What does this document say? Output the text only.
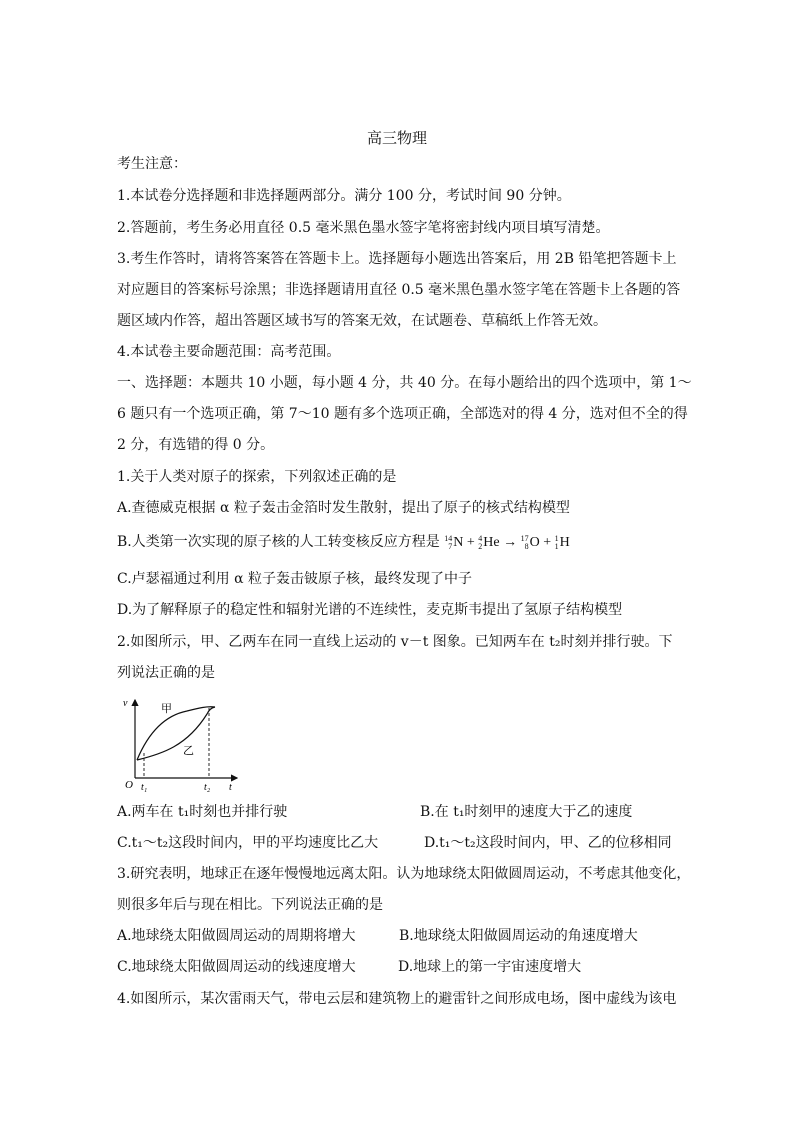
高三物理
考生注意：
1.本试卷分选择题和非选择题两部分。满分 100 分，考试时间 90 分钟。
2.答题前，考生务必用直径 0.5 毫米黑色墨水签字笔将密封线内项目填写清楚。
3.考生作答时，请将答案答在答题卡上。选择题每小题选出答案后，用 2B 铅笔把答题卡上
对应题目的答案标号涂黑；非选择题请用直径 0.5 毫米黑色墨水签字笔在答题卡上各题的答
题区域内作答，超出答题区域书写的答案无效，在试题卷、草稿纸上作答无效。
4.本试卷主要命题范围：高考范围。
一、选择题：本题共 10 小题，每小题 4 分，共 40 分。在每小题给出的四个选项中，第 1～
6 题只有一个选项正确，第 7～10 题有多个选项正确，全部选对的得 4 分，选对但不全的得
2 分，有选错的得 0 分。
1.关于人类对原子的探索，下列叙述正确的是
A.查德威克根据 α 粒子轰击金箔时发生散射，提出了原子的核式结构模型
B.人类第一次实现的原子核的人工转变核反应方程是 14
7 N + 4
2 He → 17
8 O + 1
1 H
C.卢瑟福通过利用 α 粒子轰击铍原子核，最终发现了中子
D.为了解释原子的稳定性和辐射光谱的不连续性，麦克斯韦提出了氢原子结构模型
2.如图所示，甲、乙两车在同一直线上运动的 v－t 图象。已知两车在 t₂时刻并排行驶。下
列说法正确的是
v
O t₁	t₂ t
甲
乙
A.两车在 t₁时刻也并排行驶	B.在 t₁时刻甲的速度大于乙的速度
C.t₁～t₂这段时间内，甲的平均速度比乙大	D.t₁～t₂这段时间内，甲、乙的位移相同
3.研究表明，地球正在逐年慢慢地远离太阳。认为地球绕太阳做圆周运动，不考虑其他变化，
则很多年后与现在相比。下列说法正确的是
A.地球绕太阳做圆周运动的周期将增大	B.地球绕太阳做圆周运动的角速度增大
C.地球绕太阳做圆周运动的线速度增大	D.地球上的第一宇宙速度增大
4.如图所示，某次雷雨天气，带电云层和建筑物上的避雷针之间形成电场，图中虚线为该电
